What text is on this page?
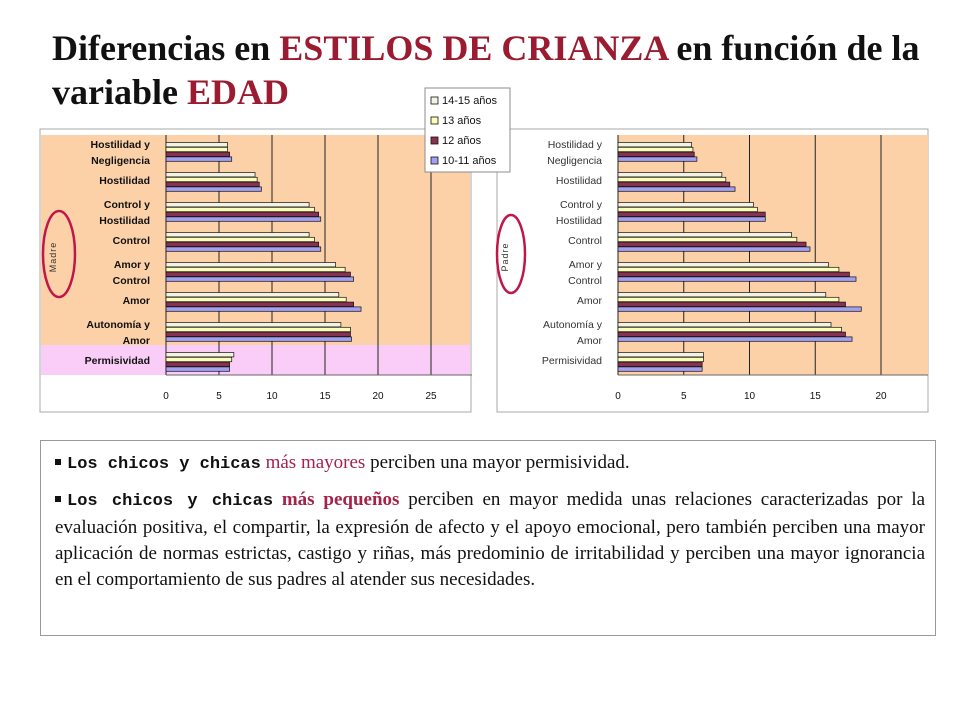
Diferencias en ESTILOS DE CRIANZA en función de la variable EDAD
0	5	10	15	20	25
Hostilidad y
Negligencia
Hostilidad
Control y
Hostilidad
Control
Amor y
Control
Amor
Autonomía y
Amor
Permisividad
Madre
0	5	10	15	20
Hostilidad y
Negligencia
Hostilidad
Control y
Hostilidad
Control
Amor y
Control
Amor
Autonomía y
Amor
Permisividad
Padre
14-15 años
13 años
12 años
10-11 años

Los chicos y chicas más mayores perciben una mayor permisividad.

Los chicos y chicas más pequeños perciben en mayor medida unas relaciones caracterizadas por la evaluación positiva, el compartir, la expresión de afecto y el apoyo emocional, pero también perciben una mayor aplicación de normas estrictas, castigo y riñas, más predominio de irritabilidad y perciben una mayor ignorancia en el comportamiento de sus padres al atender sus necesidades.
